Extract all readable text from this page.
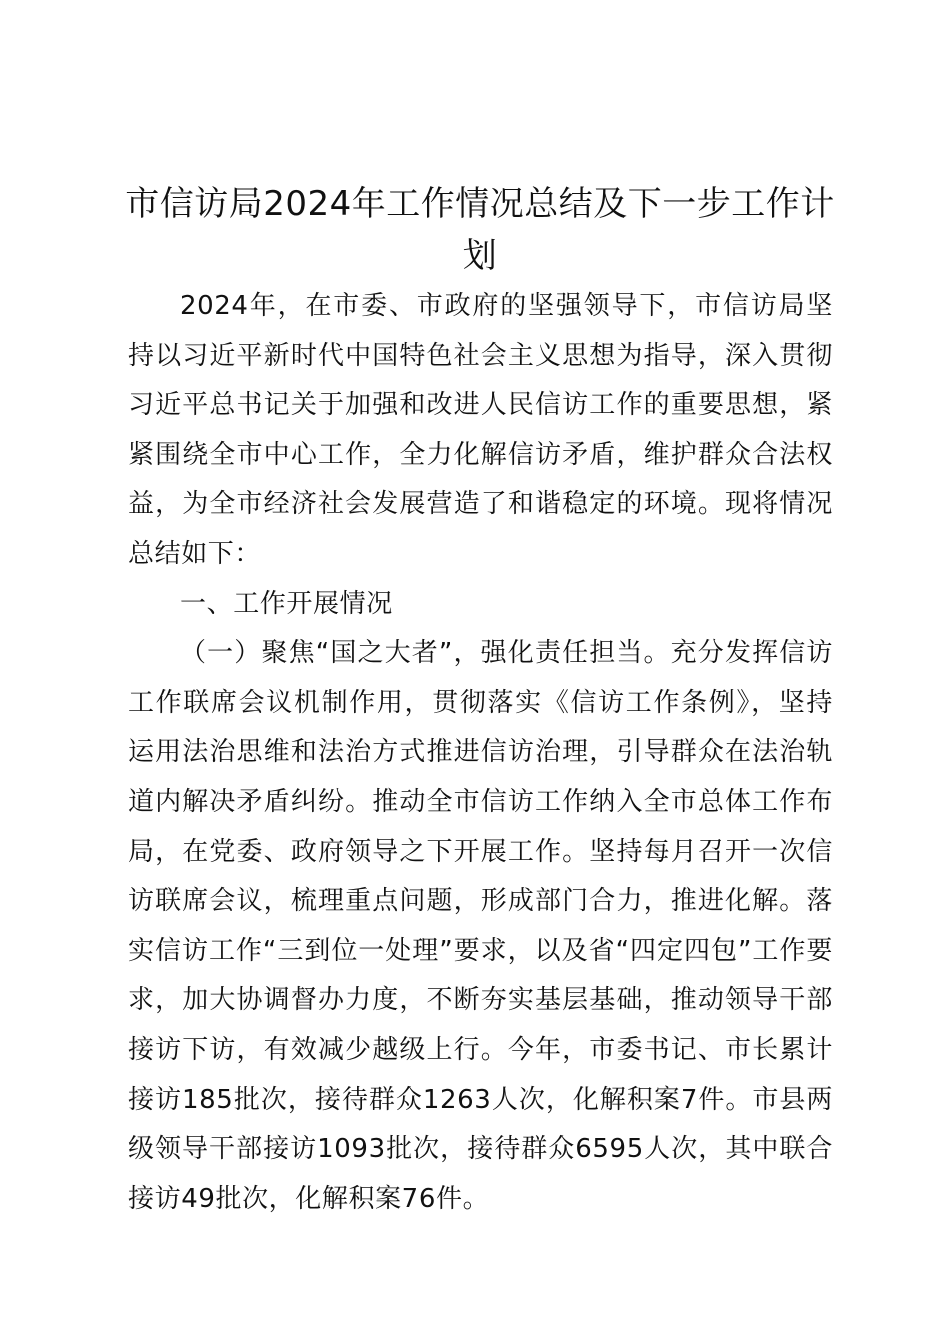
市信访局2024年工作情况总结及下一步工作计划

2024年，在市委、市政府的坚强领导下，市信访局坚持以习近平新时代中国特色社会主义思想为指导，深入贯彻习近平总书记关于加强和改进人民信访工作的重要思想，紧紧围绕全市中心工作，全力化解信访矛盾，维护群众合法权益，为全市经济社会发展营造了和谐稳定的环境。现将情况总结如下：

一、工作开展情况

（一）聚焦“国之大者”，强化责任担当。充分发挥信访工作联席会议机制作用，贯彻落实《信访工作条例》，坚持运用法治思维和法治方式推进信访治理，引导群众在法治轨道内解决矛盾纠纷。推动全市信访工作纳入全市总体工作布局，在党委、政府领导之下开展工作。坚持每月召开一次信访联席会议，梳理重点问题，形成部门合力，推进化解。落实信访工作“三到位一处理”要求，以及省“四定四包”工作要求，加大协调督办力度，不断夯实基层基础，推动领导干部接访下访，有效减少越级上行。今年，市委书记、市长累计接访185批次，接待群众1263人次，化解积案7件。市县两级领导干部接访1093批次，接待群众6595人次，其中联合接访49批次，化解积案76件。
